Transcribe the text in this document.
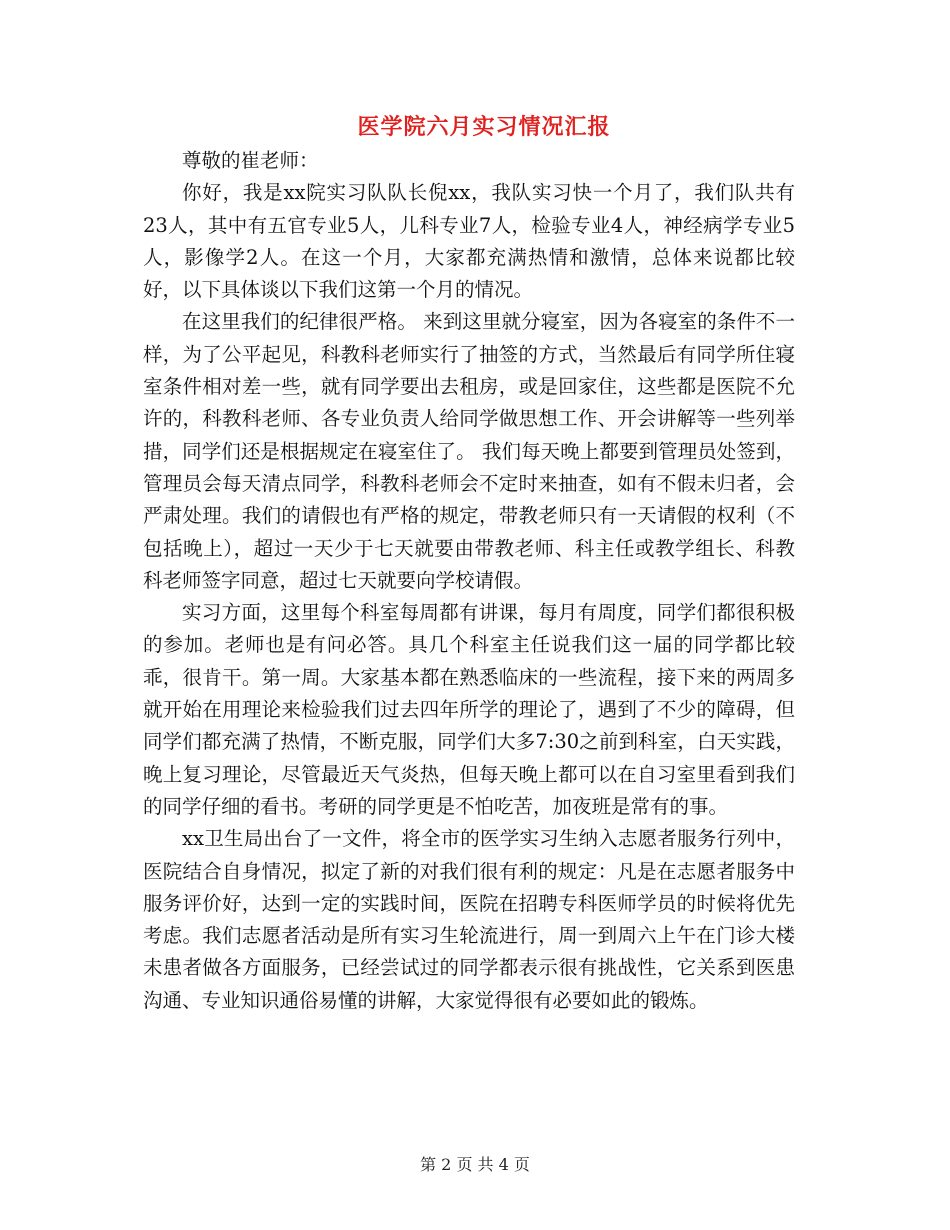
医学院六月实习情况汇报

尊敬的崔老师：

你好，我是xx院实习队队长倪xx，我队实习快一个月了，我们队共有23人，其中有五官专业5人，儿科专业7人，检验专业4人，神经病学专业5人，影像学2人。在这一个月，大家都充满热情和激情，总体来说都比较好，以下具体谈以下我们这第一个月的情况。

在这里我们的纪律很严格。 来到这里就分寝室，因为各寝室的条件不一样，为了公平起见，科教科老师实行了抽签的方式，当然最后有同学所住寝室条件相对差一些，就有同学要出去租房，或是回家住，这些都是医院不允许的，科教科老师、各专业负责人给同学做思想工作、开会讲解等一些列举措，同学们还是根据规定在寝室住了。 我们每天晚上都要到管理员处签到，管理员会每天清点同学，科教科老师会不定时来抽查，如有不假未归者，会严肃处理。我们的请假也有严格的规定，带教老师只有一天请假的权利（不包括晚上），超过一天少于七天就要由带教老师、科主任或教学组长、科教科老师签字同意，超过七天就要向学校请假。

实习方面，这里每个科室每周都有讲课，每月有周度，同学们都很积极的参加。老师也是有问必答。具几个科室主任说我们这一届的同学都比较乖，很肯干。第一周。大家基本都在熟悉临床的一些流程，接下来的两周多就开始在用理论来检验我们过去四年所学的理论了，遇到了不少的障碍，但同学们都充满了热情，不断克服，同学们大多7:30之前到科室，白天实践，晚上复习理论，尽管最近天气炎热，但每天晚上都可以在自习室里看到我们的同学仔细的看书。考研的同学更是不怕吃苦，加夜班是常有的事。

xx卫生局出台了一文件，将全市的医学实习生纳入志愿者服务行列中，医院结合自身情况，拟定了新的对我们很有利的规定：凡是在志愿者服务中服务评价好，达到一定的实践时间，医院在招聘专科医师学员的时候将优先考虑。我们志愿者活动是所有实习生轮流进行，周一到周六上午在门诊大楼未患者做各方面服务，已经尝试过的同学都表示很有挑战性，它关系到医患沟通、专业知识通俗易懂的讲解，大家觉得很有必要如此的锻炼。

第 2 页 共 4 页
